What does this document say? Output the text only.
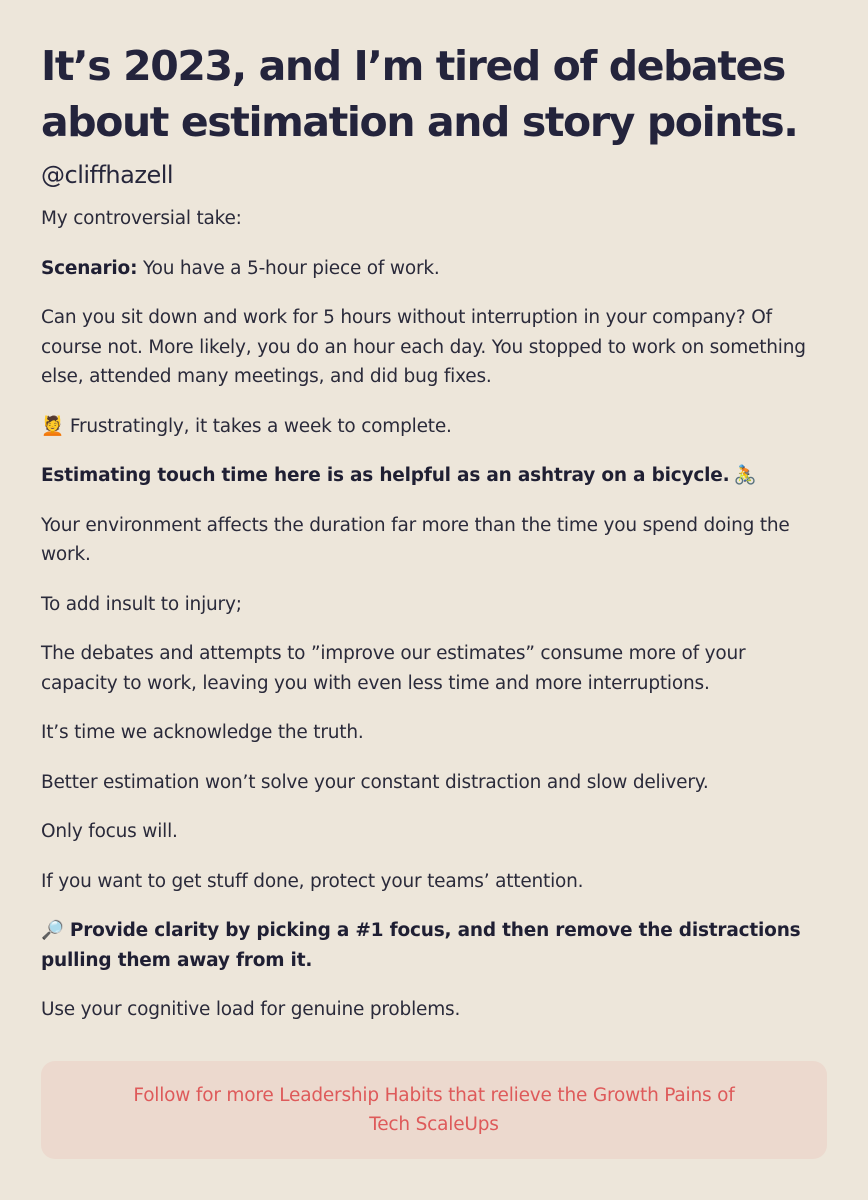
It’s 2023, and I’m tired of debates about estimation and story points.
@cliffhazell

My controversial take:

Scenario: You have a 5-hour piece of work.

Can you sit down and work for 5 hours without interruption in your company? Of course not. More likely, you do an hour each day. You stopped to work on something else, attended many meetings, and did bug fixes.

💆 Frustratingly, it takes a week to complete.

Estimating touch time here is as helpful as an ashtray on a bicycle. 🚴

Your environment affects the duration far more than the time you spend doing the work.

To add insult to injury;

The debates and attempts to ”improve our estimates” consume more of your capacity to work, leaving you with even less time and more interruptions.

It’s time we acknowledge the truth.

Better estimation won’t solve your constant distraction and slow delivery.

Only focus will.

If you want to get stuff done, protect your teams’ attention.

🔎 Provide clarity by picking a #1 focus, and then remove the distractions pulling them away from it.

Use your cognitive load for genuine problems.

Follow for more Leadership Habits that relieve the Growth Pains of Tech ScaleUps
